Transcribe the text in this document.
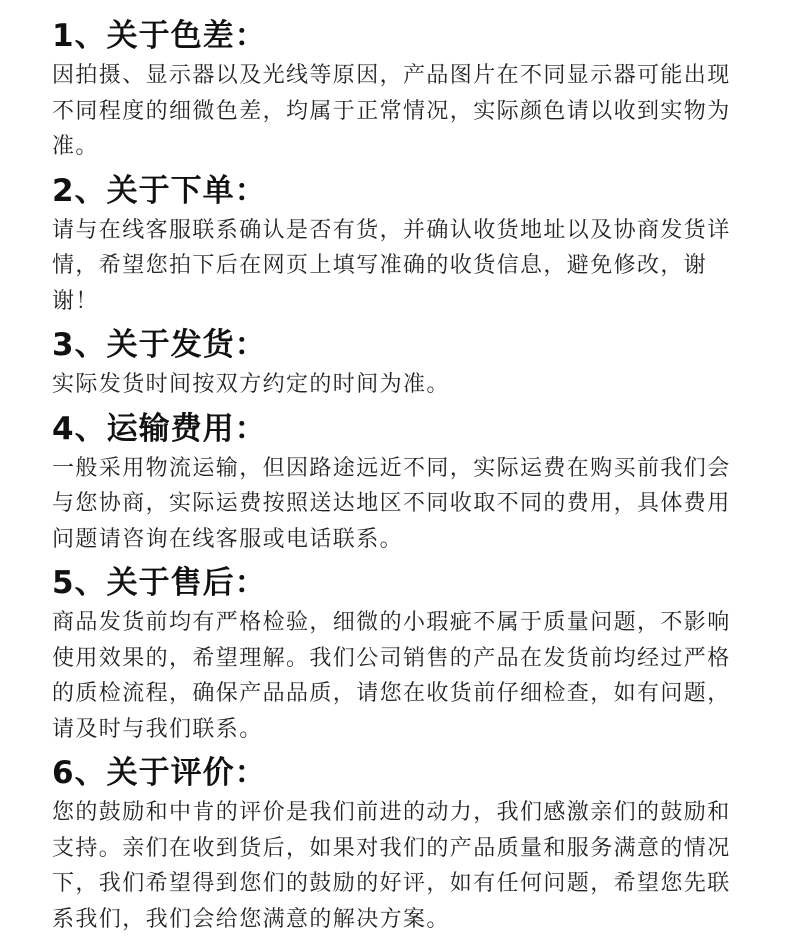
1、关于色差：

因拍摄、显示器以及光线等原因，产品图片在不同显示器可能出现不同程度的细微色差，均属于正常情况，实际颜色请以收到实物为准。

2、关于下单：

请与在线客服联系确认是否有货，并确认收货地址以及协商发货详情，希望您拍下后在网页上填写准确的收货信息，避免修改，谢谢！

3、关于发货：

实际发货时间按双方约定的时间为准。

4、运输费用：

一般采用物流运输，但因路途远近不同，实际运费在购买前我们会与您协商，实际运费按照送达地区不同收取不同的费用，具体费用问题请咨询在线客服或电话联系。

5、关于售后：

商品发货前均有严格检验，细微的小瑕疵不属于质量问题，不影响使用效果的，希望理解。我们公司销售的产品在发货前均经过严格的质检流程，确保产品品质，请您在收货前仔细检查，如有问题，请及时与我们联系。

6、关于评价：

您的鼓励和中肯的评价是我们前进的动力，我们感激亲们的鼓励和支持。亲们在收到货后，如果对我们的产品质量和服务满意的情况下，我们希望得到您们的鼓励的好评，如有任何问题，希望您先联系我们，我们会给您满意的解决方案。
